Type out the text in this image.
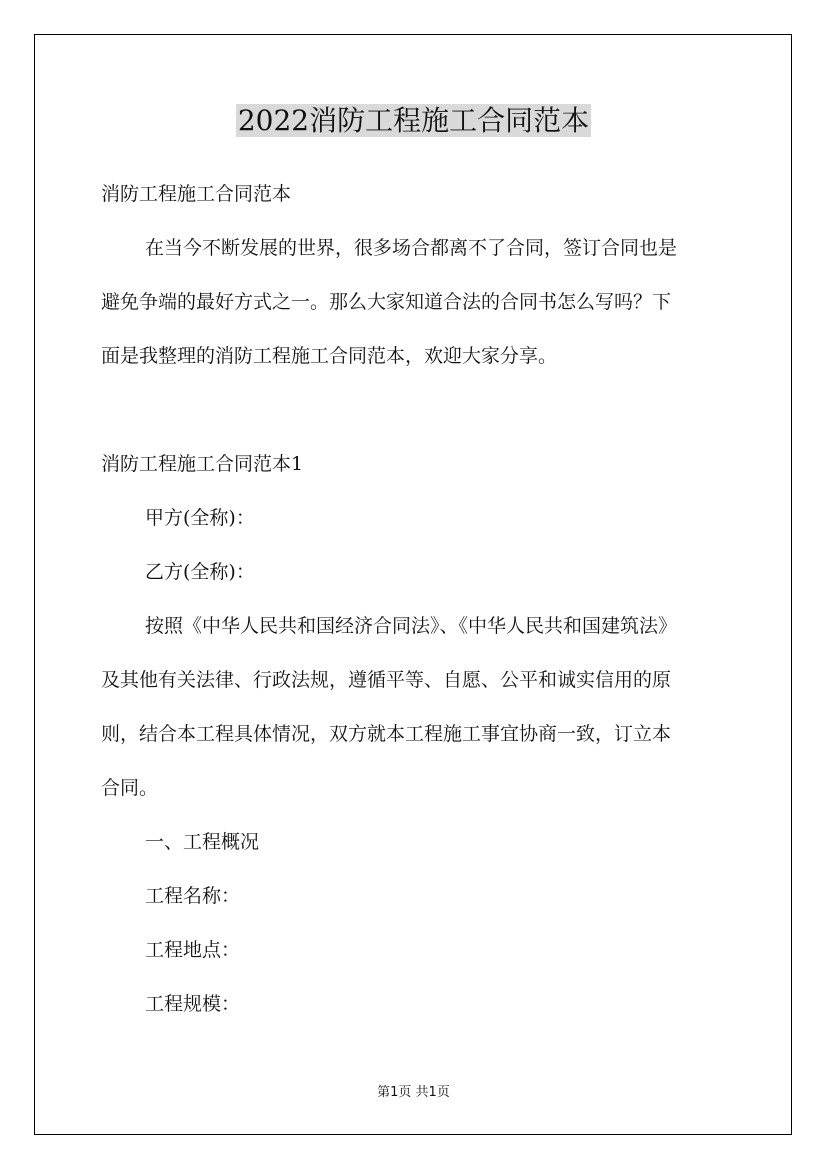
2022消防工程施工合同范本

消防工程施工合同范本

在当今不断发展的世界，很多场合都离不了合同，签订合同也是

避免争端的最好方式之一。那么大家知道合法的合同书怎么写吗？下

面是我整理的消防工程施工合同范本，欢迎大家分享。

消防工程施工合同范本1

甲方(全称)：

乙方(全称)：

按照《中华人民共和国经济合同法》、《中华人民共和国建筑法》

及其他有关法律、行政法规，遵循平等、自愿、公平和诚实信用的原

则，结合本工程具体情况，双方就本工程施工事宜协商一致，订立本

合同。

一、工程概况

工程名称：

工程地点：

工程规模：

第1页 共1页
